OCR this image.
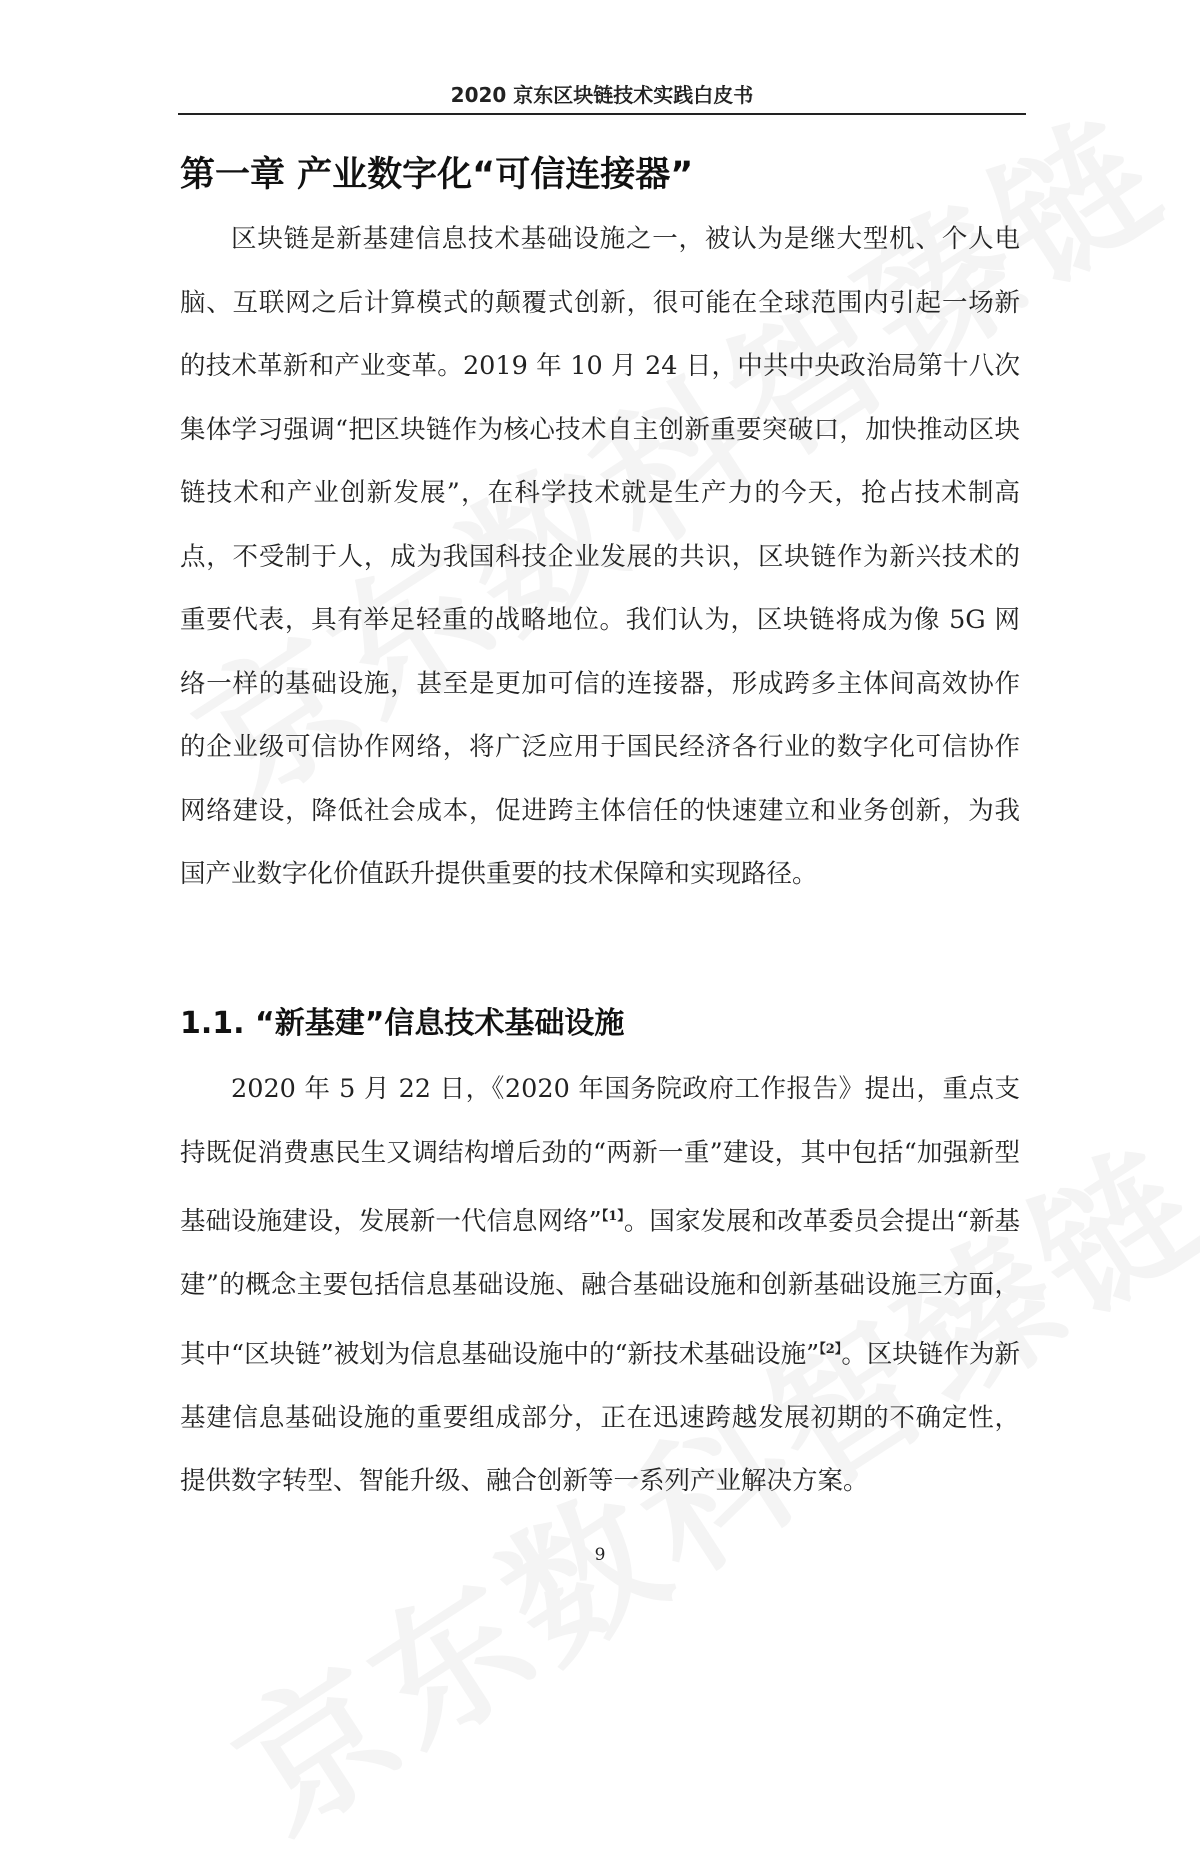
2020 京东区块链技术实践白皮书
第一章 产业数字化“可信连接器”

区块链是新基建信息技术基础设施之一，被认为是继大型机、个人电脑、互联网之后计算模式的颠覆式创新，很可能在全球范围内引起一场新的技术革新和产业变革。2019 年 10 月 24 日，中共中央政治局第十八次集体学习强调“把区块链作为核心技术自主创新重要突破口，加快推动区块链技术和产业创新发展”，在科学技术就是生产力的今天，抢占技术制高点，不受制于人，成为我国科技企业发展的共识，区块链作为新兴技术的重要代表，具有举足轻重的战略地位。我们认为，区块链将成为像 5G 网络一样的基础设施，甚至是更加可信的连接器，形成跨多主体间高效协作的企业级可信协作网络，将广泛应用于国民经济各行业的数字化可信协作网络建设，降低社会成本，促进跨主体信任的快速建立和业务创新，为我国产业数字化价值跃升提供重要的技术保障和实现路径。

1.1. “新基建”信息技术基础设施

2020 年 5 月 22 日，《2020 年国务院政府工作报告》提出，重点支持既促消费惠民生又调结构增后劲的“两新一重”建设，其中包括“加强新型基础设施建设，发展新一代信息网络”$^{【1】}$。国家发展和改革委员会提出“新基建”的概念主要包括信息基础设施、融合基础设施和创新基础设施三方面，其中“区块链”被划为信息基础设施中的“新技术基础设施”$^{【2】}$。区块链作为新基建信息基础设施的重要组成部分，正在迅速跨越发展初期的不确定性，提供数字转型、智能升级、融合创新等一系列产业解决方案。

9
